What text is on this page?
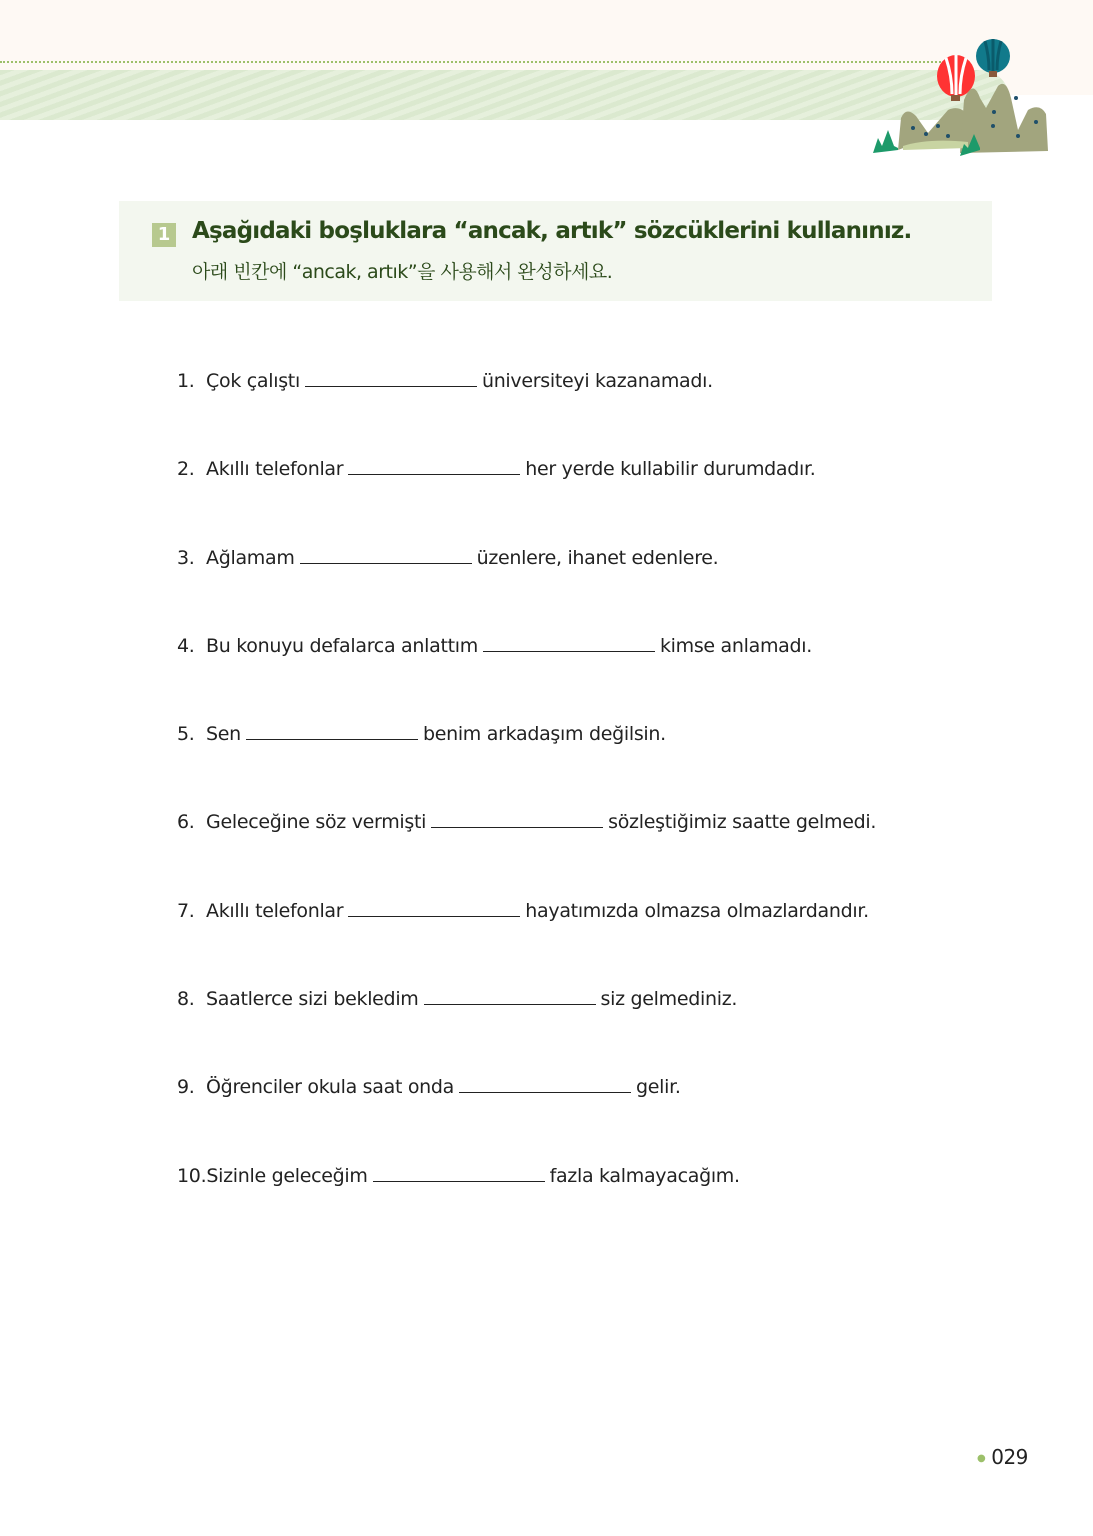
1 Aşağıdaki boşluklara “ancak, artık” sözcüklerini kullanınız.
아래 빈칸에 “ancak, artık”을 사용해서 완성하세요.
1.  Çok çalıştı	üniversiteyi kazanamadı.
2.  Akıllı telefonlar	her yerde kullabilir durumdadır.
3.  Ağlamam	üzenlere, ihanet edenlere.
4.  Bu konuyu defalarca anlattım	kimse anlamadı.
5.  Sen	benim arkadaşım değilsin.
6.  Geleceğine söz vermişti	sözleştiğimiz saatte gelmedi.
7.  Akıllı telefonlar	hayatımızda olmazsa olmazlardandır.
8.  Saatlerce sizi bekledim	siz gelmediniz.
9.  Öğrenciler okula saat onda	gelir.
10.Sizinle geleceğim	fazla kalmayacağım.
● 029
